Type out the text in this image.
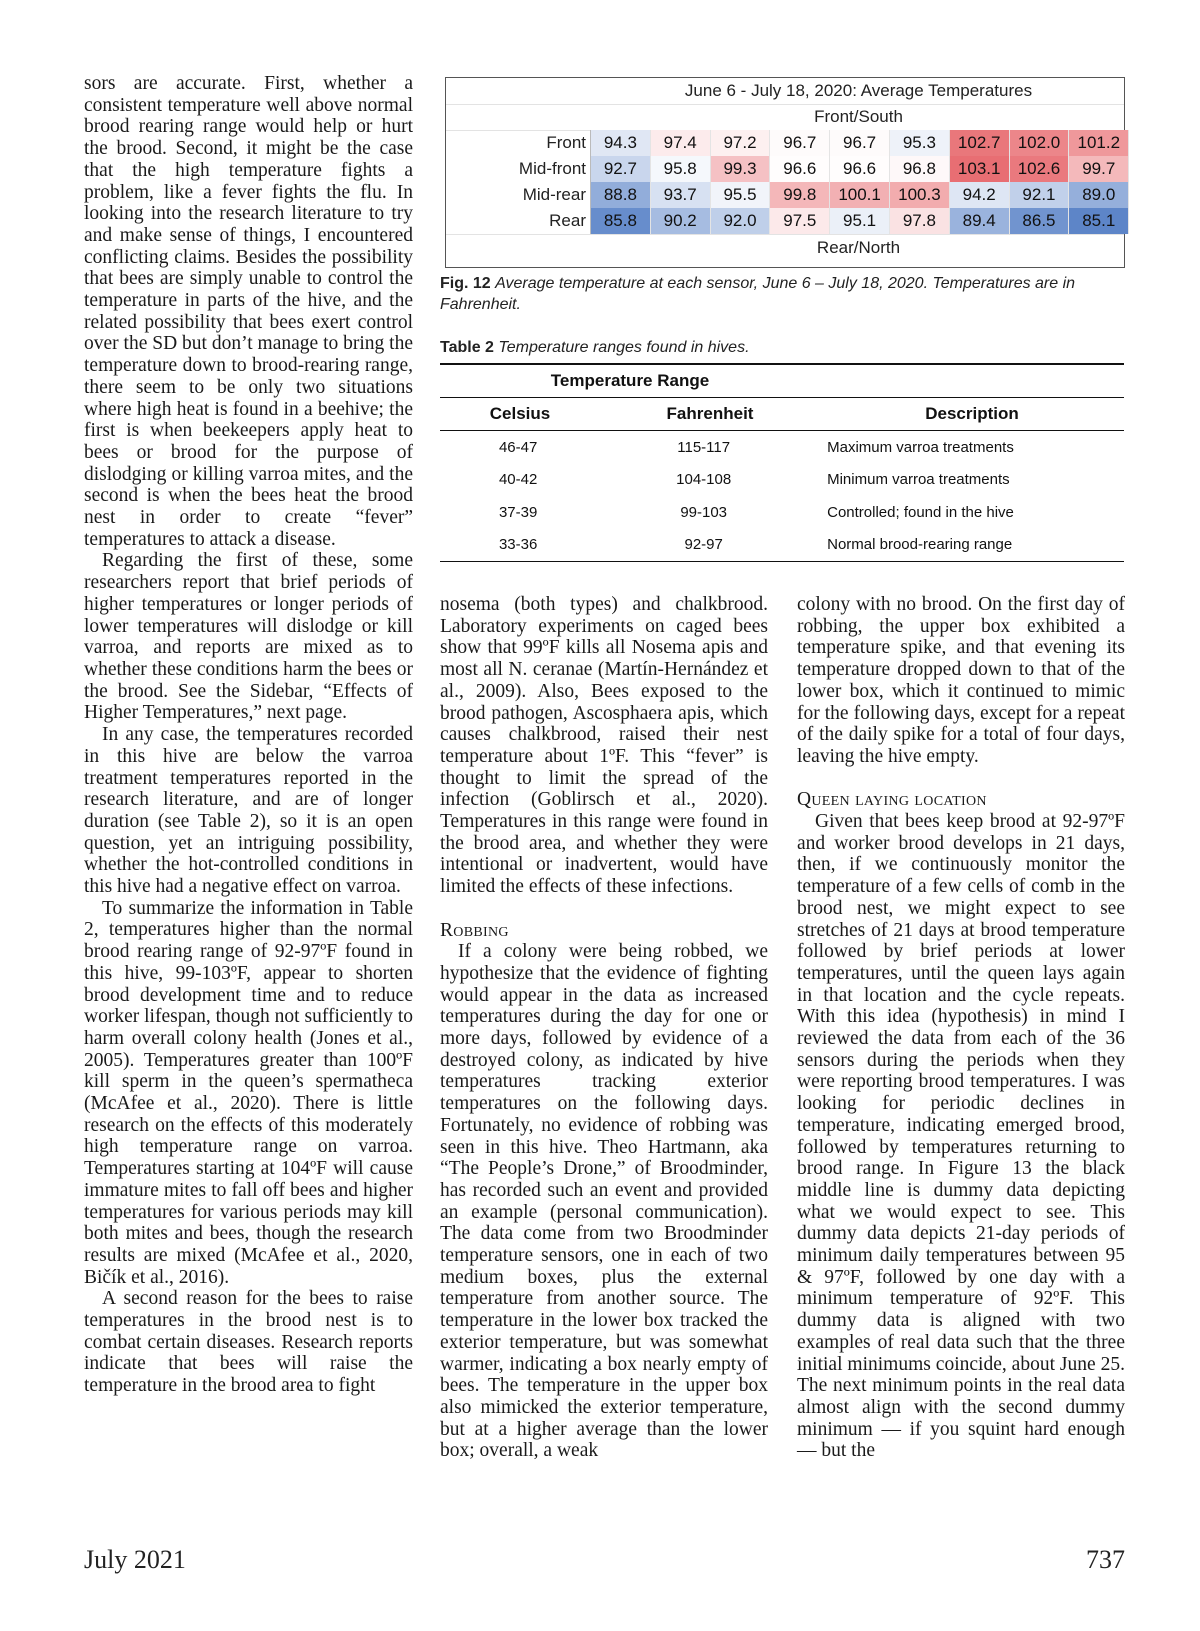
June 6 - July 18, 2020: Average Temperatures
Front/South
Front	94.3	97.4	97.2	96.7	96.7	95.3	102.7	102.0	101.2
Mid-front	92.7	95.8	99.3	96.6	96.6	96.8	103.1	102.6	99.7
Mid-rear	88.8	93.7	95.5	99.8	100.1	100.3	94.2	92.1	89.0
Rear	85.8	90.2	92.0	97.5	95.1	97.8	89.4	86.5	85.1
Rear/North
Fig. 12 Average temperature at each sensor, June 6 – July 18, 2020. Temperatures are in Fahrenheit.
Table 2 Temperature ranges found in hives.
Temperature Range
Celsius	Fahrenheit	Description
46-47	115-117	Maximum varroa treatments
40-42	104-108	Minimum varroa treatments
37-39	99-103	Controlled; found in the hive
33-36	92-97	Normal brood-rearing range

sors are accurate. First, whether a consistent temperature well above normal brood rearing range would help or hurt the brood. Second, it might be the case that the high temperature fights a problem, like a fever fights the flu. In looking into the research literature to try and make sense of things, I encountered conflicting claims. Besides the possibility that bees are simply unable to control the temperature in parts of the hive, and the related possibility that bees exert control over the SD but don’t manage to bring the temperature down to brood-rearing range, there seem to be only two situations where high heat is found in a beehive; the first is when beekeepers apply heat to bees or brood for the purpose of dislodging or killing varroa mites, and the second is when the bees heat the brood nest in order to create “fever” temperatures to attack a disease.

Regarding the first of these, some researchers report that brief periods of higher temperatures or longer periods of lower temperatures will dislodge or kill varroa, and reports are mixed as to whether these conditions harm the bees or the brood. See the Sidebar, “Effects of Higher Temperatures,” next page.

In any case, the temperatures recorded in this hive are below the varroa treatment temperatures reported in the research literature, and are of longer duration (see Table 2), so it is an open question, yet an intriguing possibility, whether the hot-controlled conditions in this hive had a negative effect on varroa.

To summarize the information in Table 2, temperatures higher than the normal brood rearing range of 92-97ºF found in this hive, 99-103ºF, appear to shorten brood development time and to reduce worker lifespan, though not sufficiently to harm overall colony health (Jones et al., 2005). Temperatures greater than 100ºF kill sperm in the queen’s spermatheca (McAfee et al., 2020). There is little research on the effects of this moderately high temperature range on varroa. Temperatures starting at 104ºF will cause immature mites to fall off bees and higher temperatures for various periods may kill both mites and bees, though the research results are mixed (McAfee et al., 2020, Bičík et al., 2016).

A second reason for the bees to raise temperatures in the brood nest is to combat certain diseases. Research reports indicate that bees will raise the temperature in the brood area to fight

nosema (both types) and chalkbrood. Laboratory experiments on caged bees show that 99ºF kills all Nosema apis and most all N. ceranae (Martín-Hernández et al., 2009). Also, Bees exposed to the brood pathogen, Ascosphaera apis, which causes chalkbrood, raised their nest temperature about 1ºF. This “fever” is thought to limit the spread of the infection (Goblirsch et al., 2020). Temperatures in this range were found in the brood area, and whether they were intentional or inadvertent, would have limited the effects of these infections.

Robbing

If a colony were being robbed, we hypothesize that the evidence of fighting would appear in the data as increased temperatures during the day for one or more days, followed by evidence of a destroyed colony, as indicated by hive temperatures tracking exterior temperatures on the following days. Fortunately, no evidence of robbing was seen in this hive. Theo Hartmann, aka “The People’s Drone,” of Broodminder, has recorded such an event and provided an example (personal communication). The data come from two Broodminder temperature sensors, one in each of two medium boxes, plus the external temperature from another source. The temperature in the lower box tracked the exterior temperature, but was somewhat warmer, indicating a box nearly empty of bees. The temperature in the upper box also mimicked the exterior temperature, but at a higher average than the lower box; overall, a weak

colony with no brood. On the first day of robbing, the upper box exhibited a temperature spike, and that evening its temperature dropped down to that of the lower box, which it continued to mimic for the following days, except for a repeat of the daily spike for a total of four days, leaving the hive empty.

Queen laying location

Given that bees keep brood at 92-97ºF and worker brood develops in 21 days, then, if we continuously monitor the temperature of a few cells of comb in the brood nest, we might expect to see stretches of 21 days at brood temperature followed by brief periods at lower temperatures, until the queen lays again in that location and the cycle repeats. With this idea (hypothesis) in mind I reviewed the data from each of the 36 sensors during the periods when they were reporting brood temperatures. I was looking for periodic declines in temperature, indicating emerged brood, followed by temperatures returning to brood range. In Figure 13 the black middle line is dummy data depicting what we would expect to see. This dummy data depicts 21-day periods of minimum daily temperatures between 95 & 97ºF, followed by one day with a minimum temperature of 92ºF. This dummy data is aligned with two examples of real data such that the three initial minimums coincide, about June 25. The next minimum points in the real data almost align with the second dummy minimum — if you squint hard enough — but the

July 2021	737
